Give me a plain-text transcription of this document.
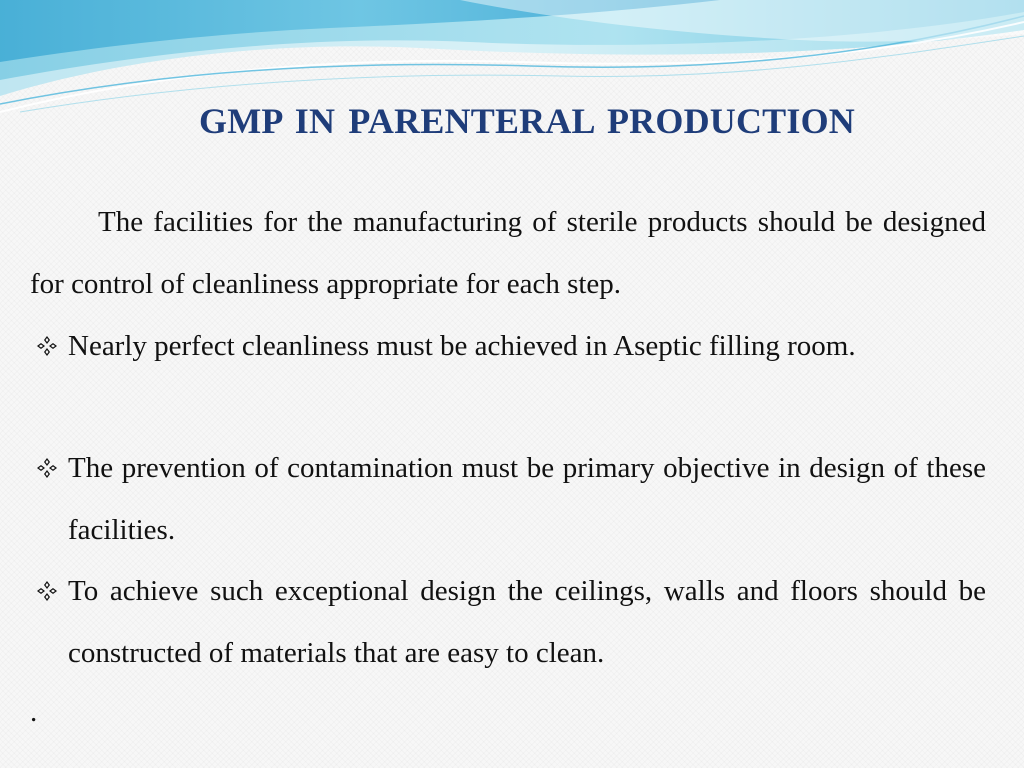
GMP IN PARENTERAL PRODUCTION

The facilities for the manufacturing of sterile products should be designed for control of cleanliness appropriate for each step.

Nearly perfect cleanliness must be achieved in Aseptic filling room.
The prevention of contamination must be primary objective in design of these facilities.
To achieve such exceptional design the ceilings, walls and floors should be constructed of materials that are easy to clean.
.
